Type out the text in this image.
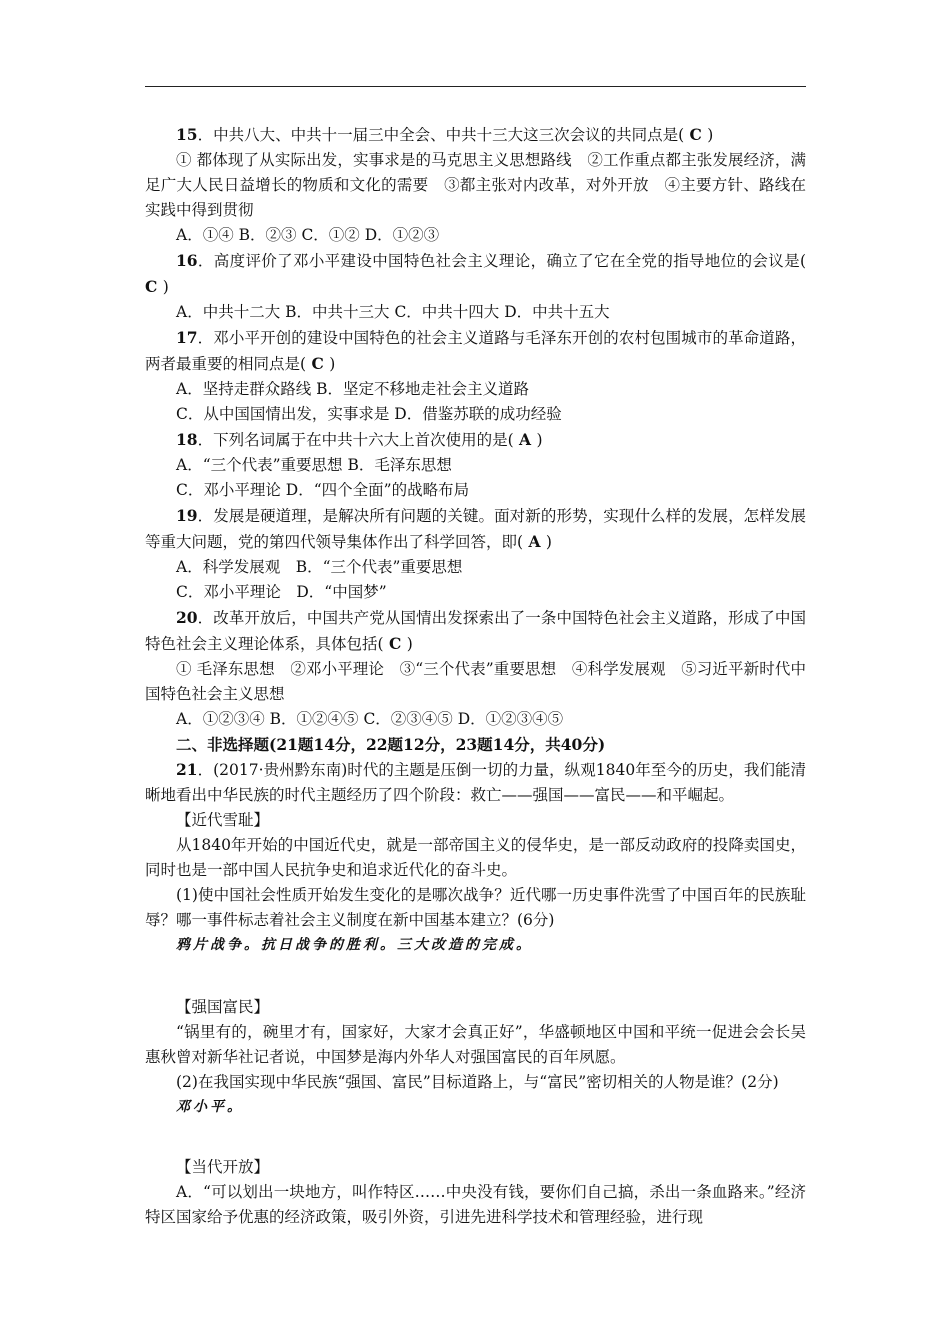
15．中共八大、中共十一届三中全会、中共十三大这三次会议的共同点是( C )

① 都体现了从实际出发，实事求是的马克思主义思想路线　②工作重点都主张发展经济，满足广大人民日益增长的物质和文化的需要　③都主张对内改革，对外开放　④主要方针、路线在实践中得到贯彻

A．①④ B．②③ C．①② D．①②③

16．高度评价了邓小平建设中国特色社会主义理论，确立了它在全党的指导地位的会议是( C )

A．中共十二大 B．中共十三大 C．中共十四大 D．中共十五大

17．邓小平开创的建设中国特色的社会主义道路与毛泽东开创的农村包围城市的革命道路，两者最重要的相同点是( C )

A．坚持走群众路线 B．坚定不移地走社会主义道路

C．从中国国情出发，实事求是 D．借鉴苏联的成功经验

18．下列名词属于在中共十六大上首次使用的是( A )

A．“三个代表”重要思想 B．毛泽东思想

C．邓小平理论 D．“四个全面”的战略布局

19．发展是硬道理，是解决所有问题的关键。面对新的形势，实现什么样的发展，怎样发展等重大问题，党的第四代领导集体作出了科学回答，即( A )

A．科学发展观　B．“三个代表”重要思想

C．邓小平理论　D．“中国梦”

20．改革开放后，中国共产党从国情出发探索出了一条中国特色社会主义道路，形成了中国特色社会主义理论体系，具体包括( C )

① 毛泽东思想　②邓小平理论　③“三个代表”重要思想　④科学发展观　⑤习近平新时代中国特色社会主义思想

A．①②③④ B．①②④⑤ C．②③④⑤ D．①②③④⑤

二、非选择题(21题14分，22题12分，23题14分，共40分)

21．(2017·贵州黔东南)时代的主题是压倒一切的力量，纵观1840年至今的历史，我们能清晰地看出中华民族的时代主题经历了四个阶段：救亡——强国——富民——和平崛起。

【近代雪耻】

从1840年开始的中国近代史，就是一部帝国主义的侵华史，是一部反动政府的投降卖国史，同时也是一部中国人民抗争史和追求近代化的奋斗史。

(1)使中国社会性质开始发生变化的是哪次战争？近代哪一历史事件洗雪了中国百年的民族耻辱？哪一事件标志着社会主义制度在新中国基本建立？(6分)

鸦片战争。抗日战争的胜利。三大改造的完成。

【强国富民】

“锅里有的，碗里才有，国家好，大家才会真正好”，华盛顿地区中国和平统一促进会会长吴惠秋曾对新华社记者说，中国梦是海内外华人对强国富民的百年夙愿。

(2)在我国实现中华民族“强国、富民”目标道路上，与“富民”密切相关的人物是谁？(2分)

邓小平。

【当代开放】

A．“可以划出一块地方，叫作特区……中央没有钱，要你们自己搞，杀出一条血路来。”经济特区国家给予优惠的经济政策，吸引外资，引进先进科学技术和管理经验，进行现
